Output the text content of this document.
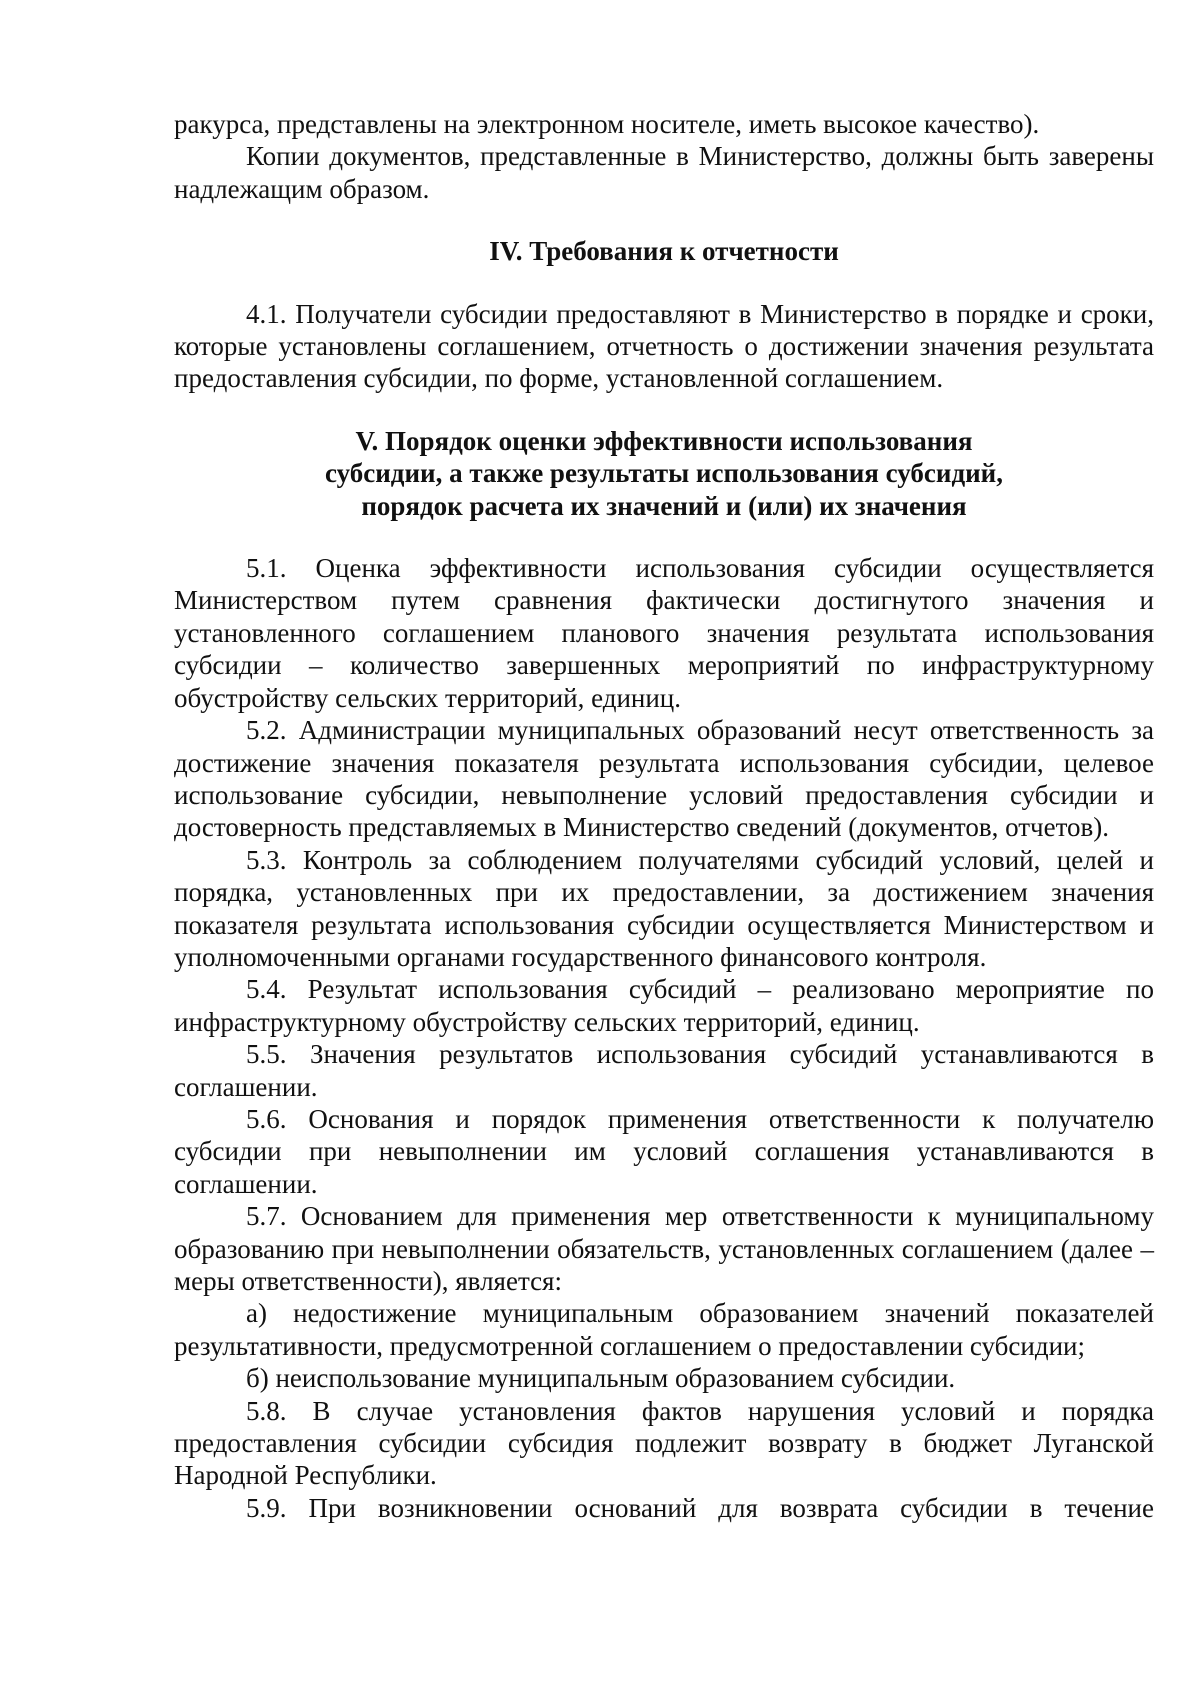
ракурса, представлены на электронном носителе, иметь высокое качество).

Копии документов, представленные в Министерство, должны быть заверены надлежащим образом.

IV. Требования к отчетности

4.1. Получатели субсидии предоставляют в Министерство в порядке и сроки, которые установлены соглашением, отчетность о достижении значения результата предоставления субсидии, по форме, установленной соглашением.

V. Порядок оценки эффективности использования
субсидии, а также результаты использования субсидий,
порядок расчета их значений и (или) их значения

5.1. Оценка эффективности использования субсидии осуществляется Министерством путем сравнения фактически достигнутого значения и установленного соглашением планового значения результата использования субсидии – количество завершенных мероприятий по инфраструктурному обустройству сельских территорий, единиц.

5.2. Администрации муниципальных образований несут ответственность за достижение значения показателя результата использования субсидии, целевое использование субсидии, невыполнение условий предоставления субсидии и достоверность представляемых в Министерство сведений (документов, отчетов).

5.3. Контроль за соблюдением получателями субсидий условий, целей и порядка, установленных при их предоставлении, за достижением значения показателя результата использования субсидии осуществляется Министерством и уполномоченными органами государственного финансового контроля.

5.4. Результат использования субсидий – реализовано мероприятие по инфраструктурному обустройству сельских территорий, единиц.

5.5. Значения результатов использования субсидий устанавливаются в соглашении.

5.6. Основания и порядок применения ответственности к получателю субсидии при невыполнении им условий соглашения устанавливаются в соглашении.

5.7. Основанием для применения мер ответственности к муниципальному образованию при невыполнении обязательств, установленных соглашением (далее – меры ответственности), является:

а) недостижение муниципальным образованием значений показателей результативности, предусмотренной соглашением о предоставлении субсидии;

б) неиспользование муниципальным образованием субсидии.

5.8. В случае установления фактов нарушения условий и порядка предоставления субсидии субсидия подлежит возврату в бюджет Луганской Народной Республики.

5.9. При возникновении оснований для возврата субсидии в течение
